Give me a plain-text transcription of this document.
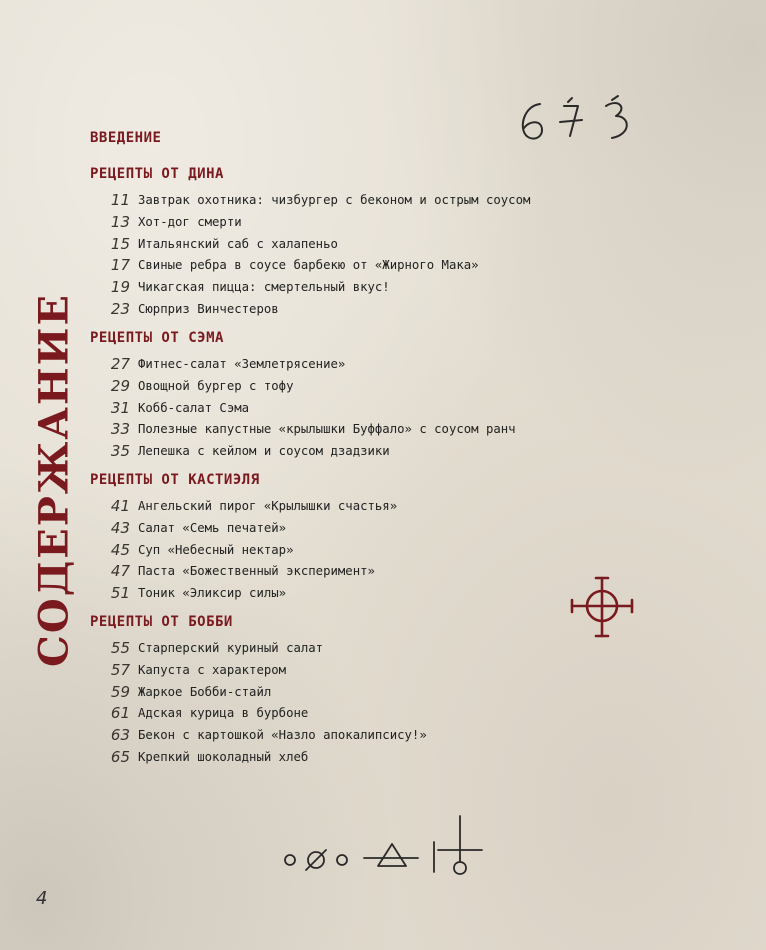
СОДЕРЖАНИЕ
ВВЕДЕНИЕ
РЕЦЕПТЫ ОТ ДИНА
11 Завтрак охотника: чизбургер с беконом и острым соусом
13 Хот-дог смерти
15 Итальянский саб с халапеньо
17 Свиные ребра в соусе барбекю от «Жирного Мака»
19 Чикагская пицца: смертельный вкус!
23 Сюрприз Винчестеров
РЕЦЕПТЫ ОТ СЭМА
27 Фитнес-салат «Землетрясение»
29 Овощной бургер с тофу
31 Кобб-салат Сэма
33 Полезные капустные «крылышки Буффало» с соусом ранч
35 Лепешка с кейлом и соусом дзадзики
РЕЦЕПТЫ ОТ КАСТИЭЛЯ
41 Ангельский пирог «Крылышки счастья»
43 Салат «Семь печатей»
45 Суп «Небесный нектар»
47 Паста «Божественный эксперимент»
51 Тоник «Эликсир силы»
РЕЦЕПТЫ ОТ БОББИ
55 Старперский куриный салат
57 Капуста с характером
59 Жаркое Бобби-стайл
61 Адская курица в бурбоне
63 Бекон с картошкой «Назло апокалипсису!»
65 Крепкий шоколадный хлеб
4
